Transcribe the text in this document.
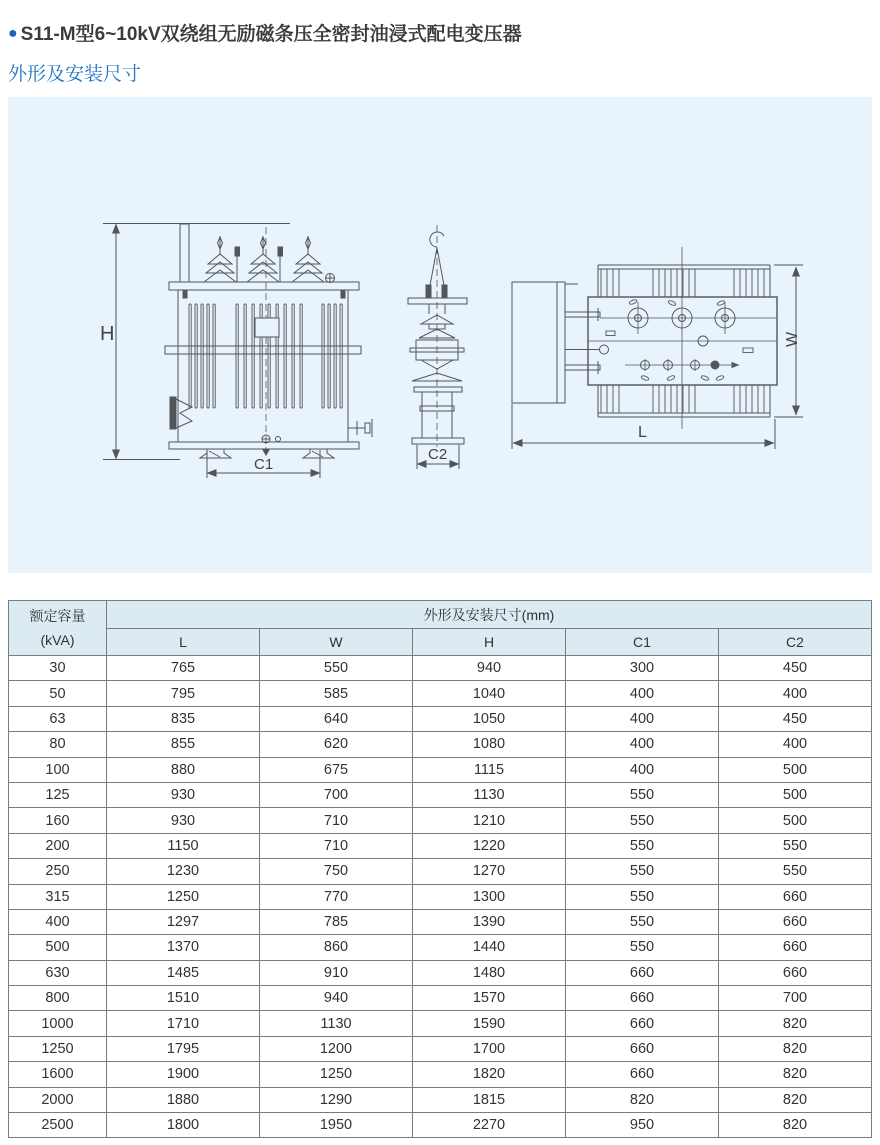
● S11-M型6~10kV双绕组无励磁条压全密封油浸式配电变压器
外形及安装尺寸
H
C1
C2
W
L
额定容量
(kVA)	外形及安装尺寸(mm)				
	L	W	H	C1	C2
30	765	550	940	300	450
50	795	585	1040	400	400
63	835	640	1050	400	450
80	855	620	1080	400	400
100	880	675	1115	400	500
125	930	700	1130	550	500
160	930	710	1210	550	500
200	1150	710	1220	550	550
250	1230	750	1270	550	550
315	1250	770	1300	550	660
400	1297	785	1390	550	660
500	1370	860	1440	550	660
630	1485	910	1480	660	660
800	1510	940	1570	660	700
1000	1710	1130	1590	660	820
1250	1795	1200	1700	660	820
1600	1900	1250	1820	660	820
2000	1880	1290	1815	820	820
2500	1800	1950	2270	950	820
